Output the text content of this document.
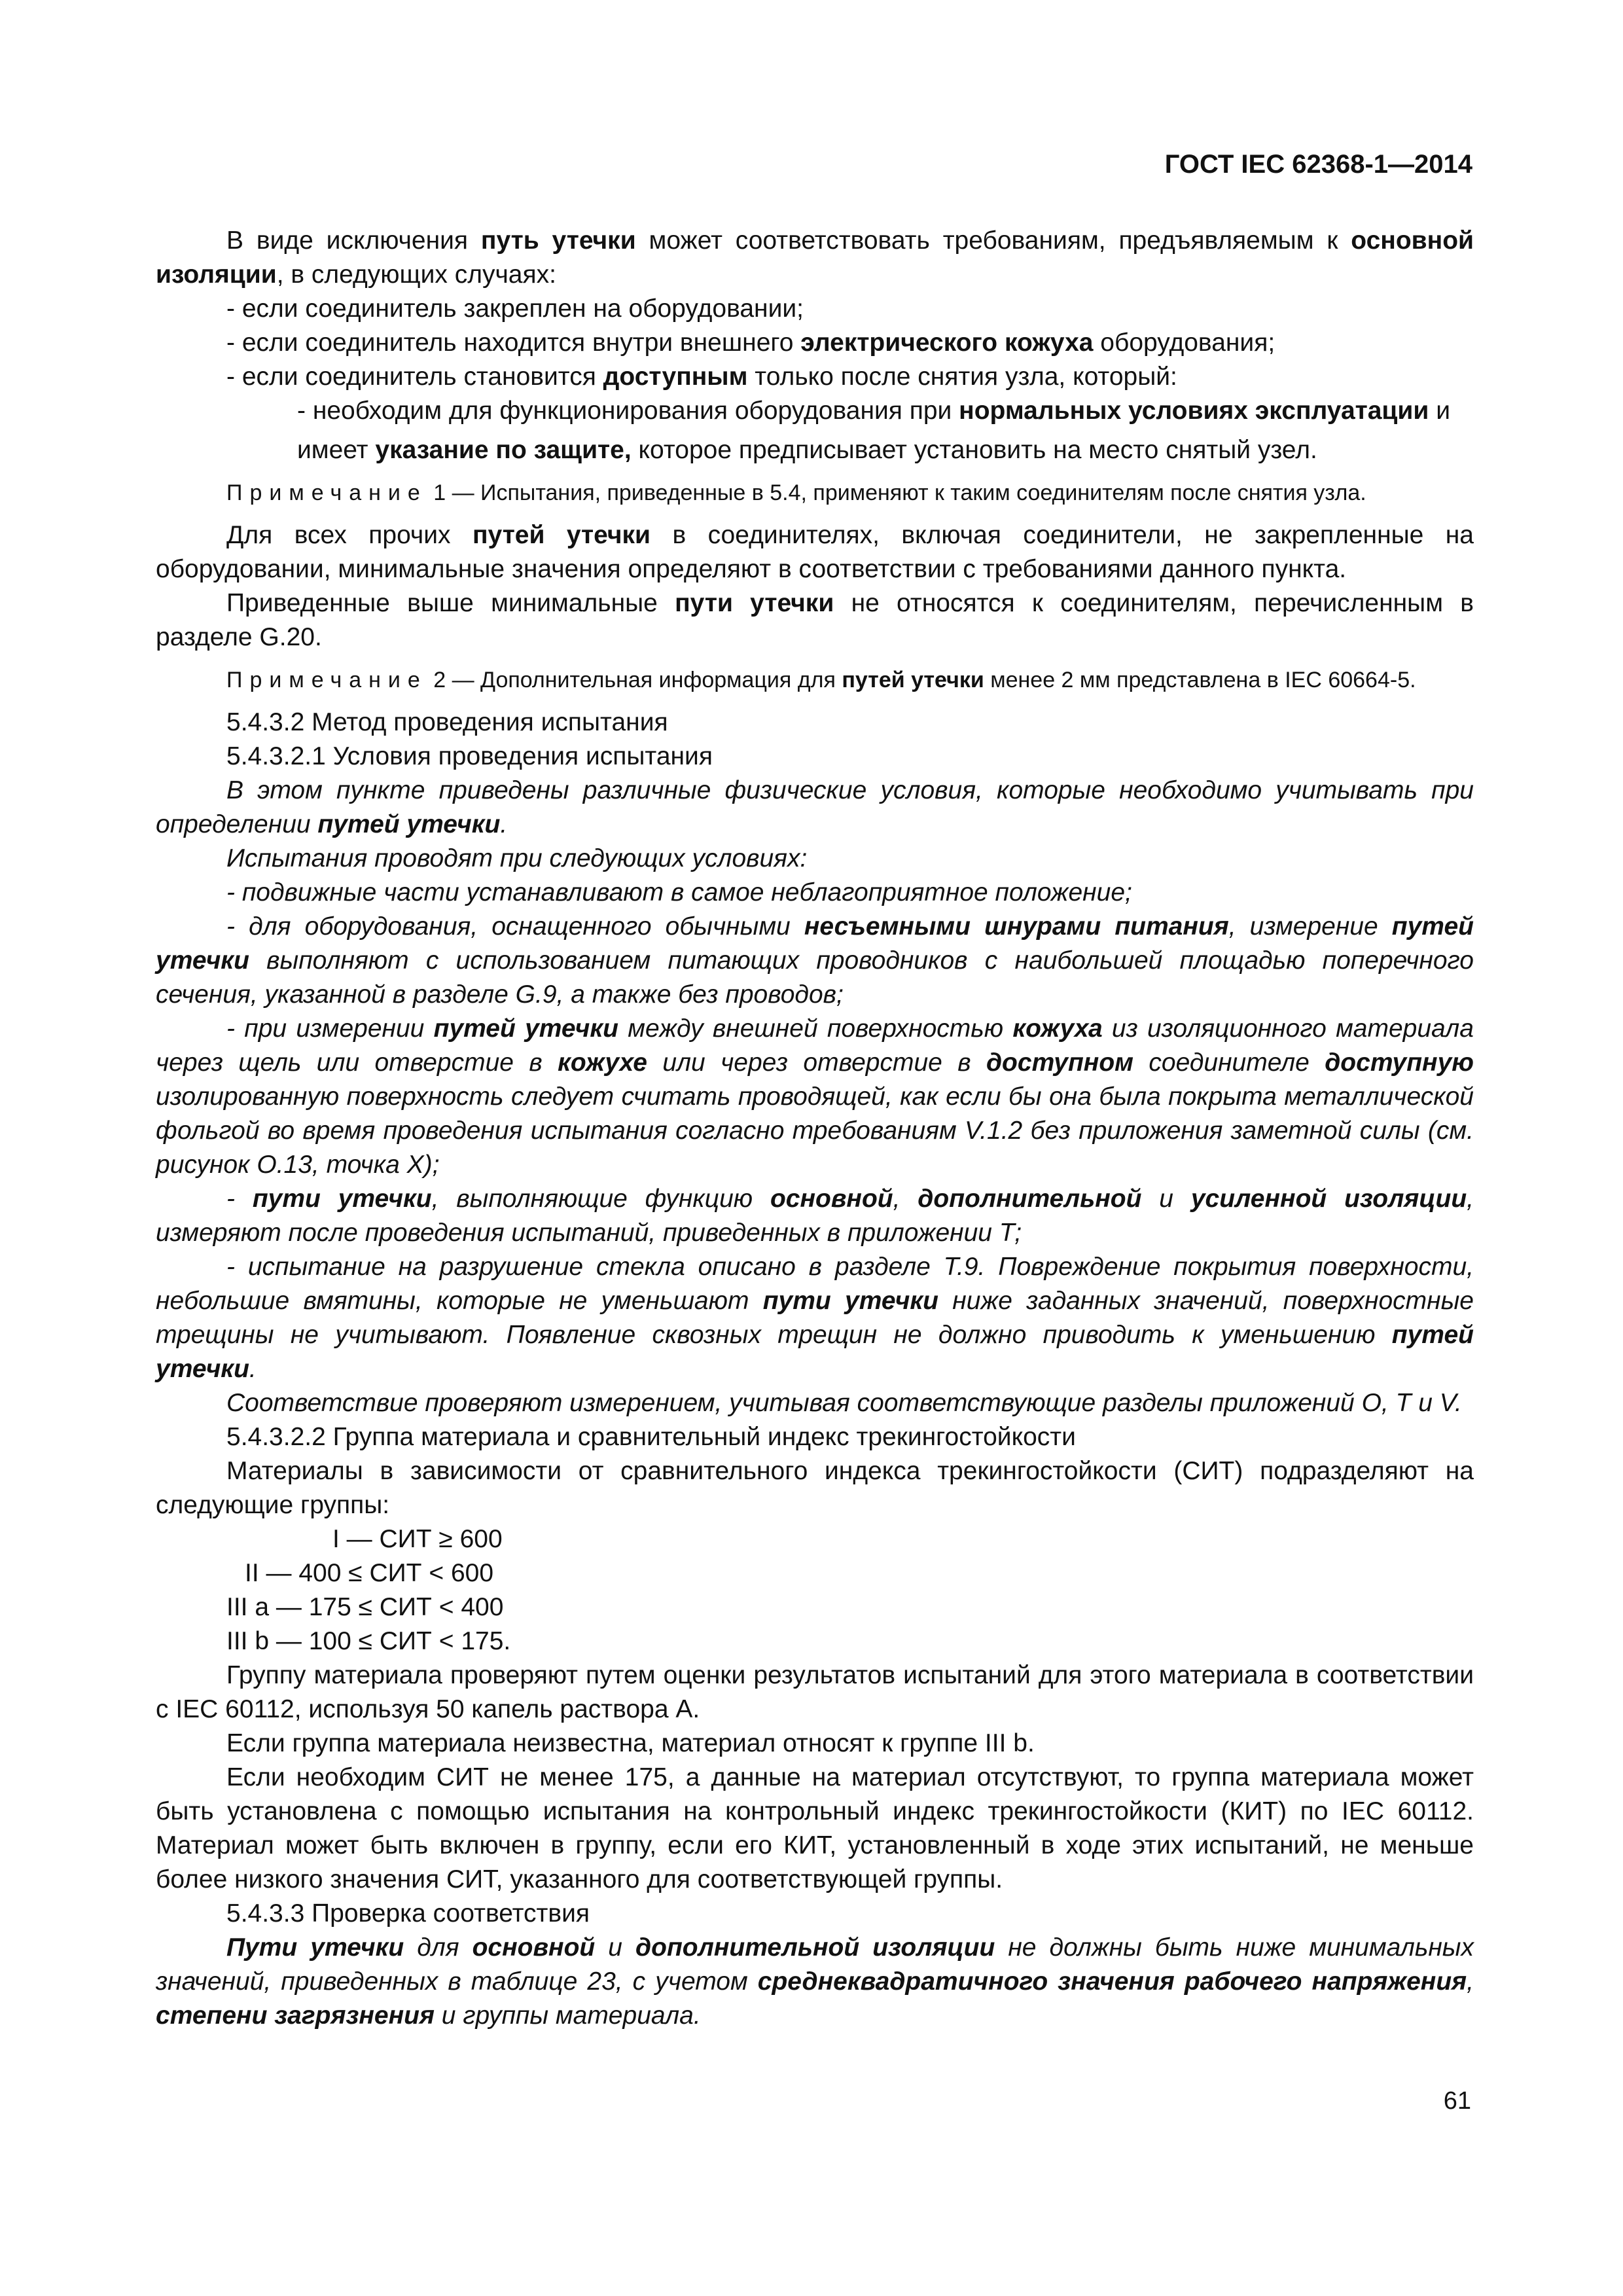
ГОСТ IEC 62368-1—2014

В виде исключения путь утечки может соответствовать требованиям, предъявляемым к основной изоляции, в следующих случаях:

- если соединитель закреплен на оборудовании;

- если соединитель находится внутри внешнего электрического кожуха оборудования;

- если соединитель становится доступным только после снятия узла, который:

- необходим для функционирования оборудования при нормальных условиях эксплуатации и

имеет указание по защите, которое предписывает установить на место снятый узел.

Примечание 1 — Испытания, приведенные в 5.4, применяют к таким соединителям после снятия узла.

Для всех прочих путей утечки в соединителях, включая соединители, не закрепленные на оборудовании, минимальные значения определяют в соответствии с требованиями данного пункта.

Приведенные выше минимальные пути утечки не относятся к соединителям, перечисленным в разделе G.20.

Примечание 2 — Дополнительная информация для путей утечки менее 2 мм представлена в IEC 60664-5.

5.4.3.2 Метод проведения испытания

5.4.3.2.1 Условия проведения испытания

В этом пункте приведены различные физические условия, которые необходимо учитывать при определении путей утечки.

Испытания проводят при следующих условиях:

- подвижные части устанавливают в самое неблагоприятное положение;

- для оборудования, оснащенного обычными несъемными шнурами питания, измерение путей утечки выполняют с использованием питающих проводников с наибольшей площадью поперечного сечения, указанной в разделе G.9, а также без проводов;

- при измерении путей утечки между внешней поверхностью кожуха из изоляционного материала через щель или отверстие в кожухе или через отверстие в доступном соединителе доступную изолированную поверхность следует считать проводящей, как если бы она была покрыта металлической фольгой во время проведения испытания согласно требованиям V.1.2 без приложения заметной силы (см. рисунок О.13, точка X);

- пути утечки, выполняющие функцию основной, дополнительной и усиленной изоляции, измеряют после проведения испытаний, приведенных в приложении Т;

- испытание на разрушение стекла описано в разделе Т.9. Повреждение покрытия поверхности, небольшие вмятины, которые не уменьшают пути утечки ниже заданных значений, поверхностные трещины не учитывают. Появление сквозных трещин не должно приводить к уменьшению путей утечки.

Соответствие проверяют измерением, учитывая соответствующие разделы приложений О, Т и V.

5.4.3.2.2 Группа материала и сравнительный индекс трекингостойкости

Материалы в зависимости от сравнительного индекса трекингостойкости (СИТ) подразделяют на следующие группы:

I — СИТ ≥ 600
II — 400 ≤ СИТ < 600
III a — 175 ≤ СИТ < 400
III b — 100 ≤ СИТ < 175.

Группу материала проверяют путем оценки результатов испытаний для этого материала в соответствии с IEC 60112, используя 50 капель раствора А.

Если группа материала неизвестна, материал относят к группе III b.

Если необходим СИТ не менее 175, а данные на материал отсутствуют, то группа материала может быть установлена с помощью испытания на контрольный индекс трекингостойкости (КИТ) по IEC 60112. Материал может быть включен в группу, если его КИТ, установленный в ходе этих испытаний, не меньше более низкого значения СИТ, указанного для соответствующей группы.

5.4.3.3 Проверка соответствия

Пути утечки для основной и дополнительной изоляции не должны быть ниже минимальных значений, приведенных в таблице 23, с учетом среднеквадратичного значения рабочего напряжения, степени загрязнения и группы материала.

61
